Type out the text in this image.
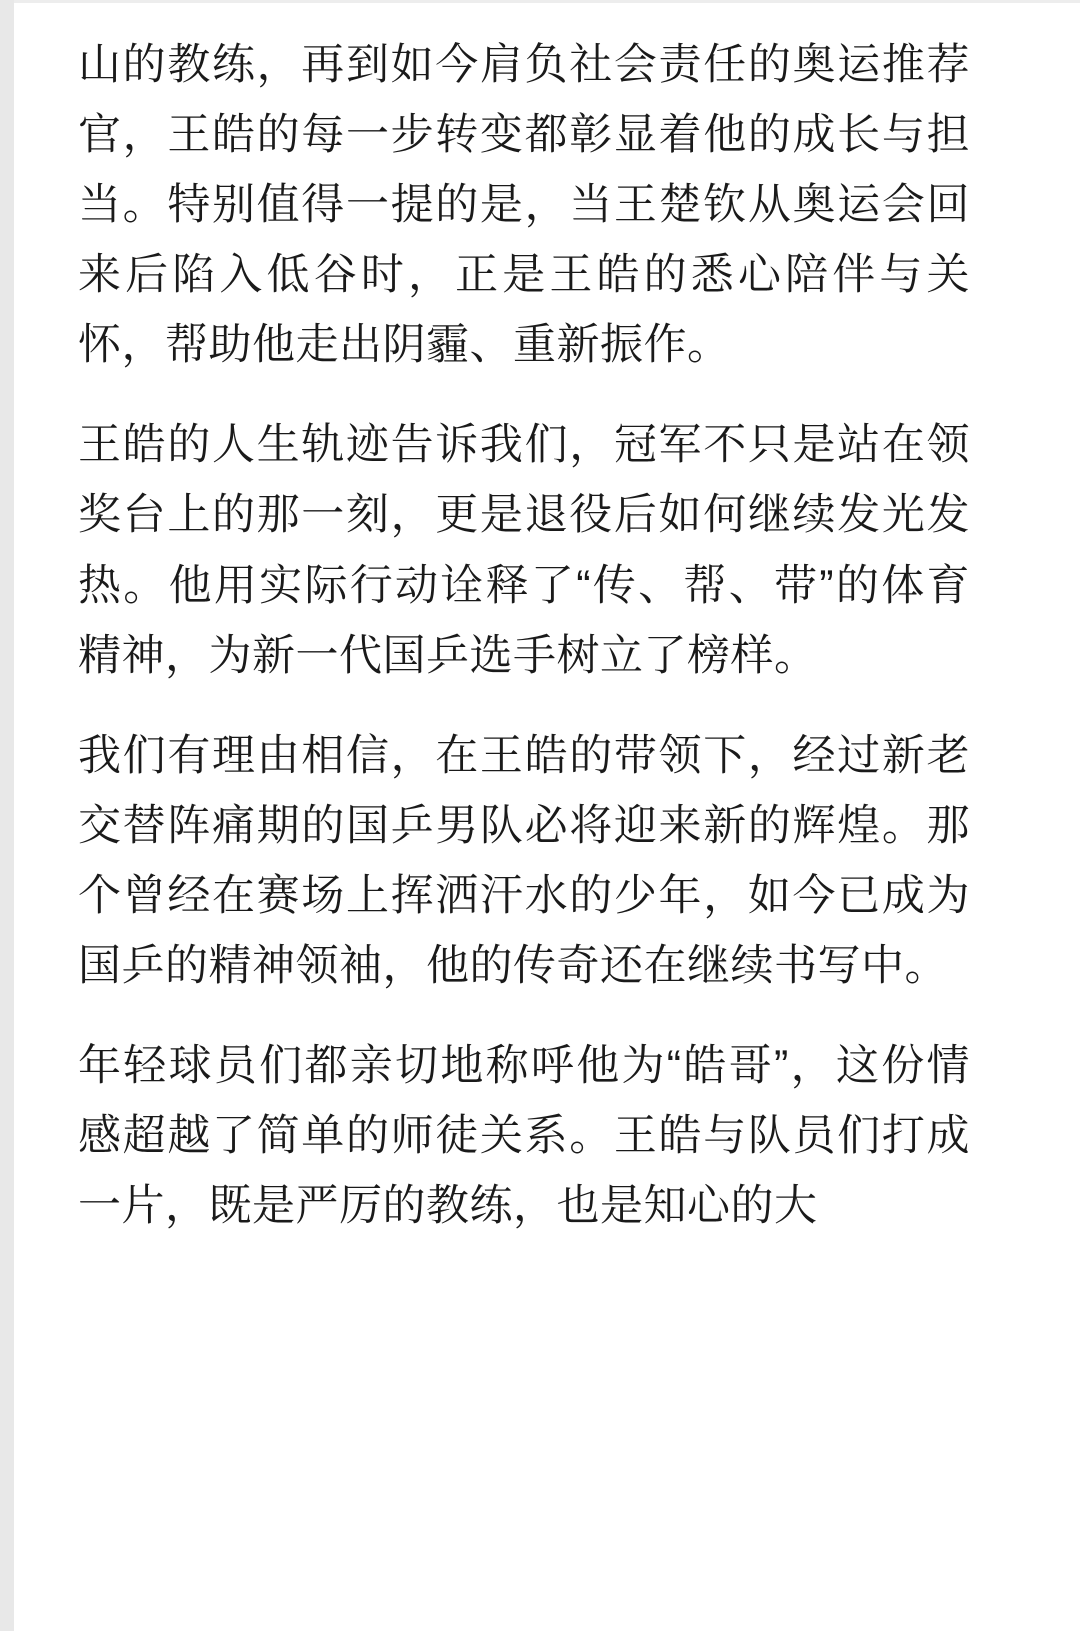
山的教练，再到如今肩负社会责任的奥运推荐官，王皓的每一步转变都彰显着他的成长与担当。特别值得一提的是，当王楚钦从奥运会回来后陷入低谷时，正是王皓的悉心陪伴与关怀，帮助他走出阴霾、重新振作。

王皓的人生轨迹告诉我们，冠军不只是站在领奖台上的那一刻，更是退役后如何继续发光发热。他用实际行动诠释了“传、帮、带”的体育精神，为新一代国乒选手树立了榜样。

我们有理由相信，在王皓的带领下，经过新老交替阵痛期的国乒男队必将迎来新的辉煌。那个曾经在赛场上挥洒汗水的少年，如今已成为国乒的精神领袖，他的传奇还在继续书写中。

年轻球员们都亲切地称呼他为“皓哥”，这份情感超越了简单的师徒关系。王皓与队员们打成一片，既是严厉的教练，也是知心的大
